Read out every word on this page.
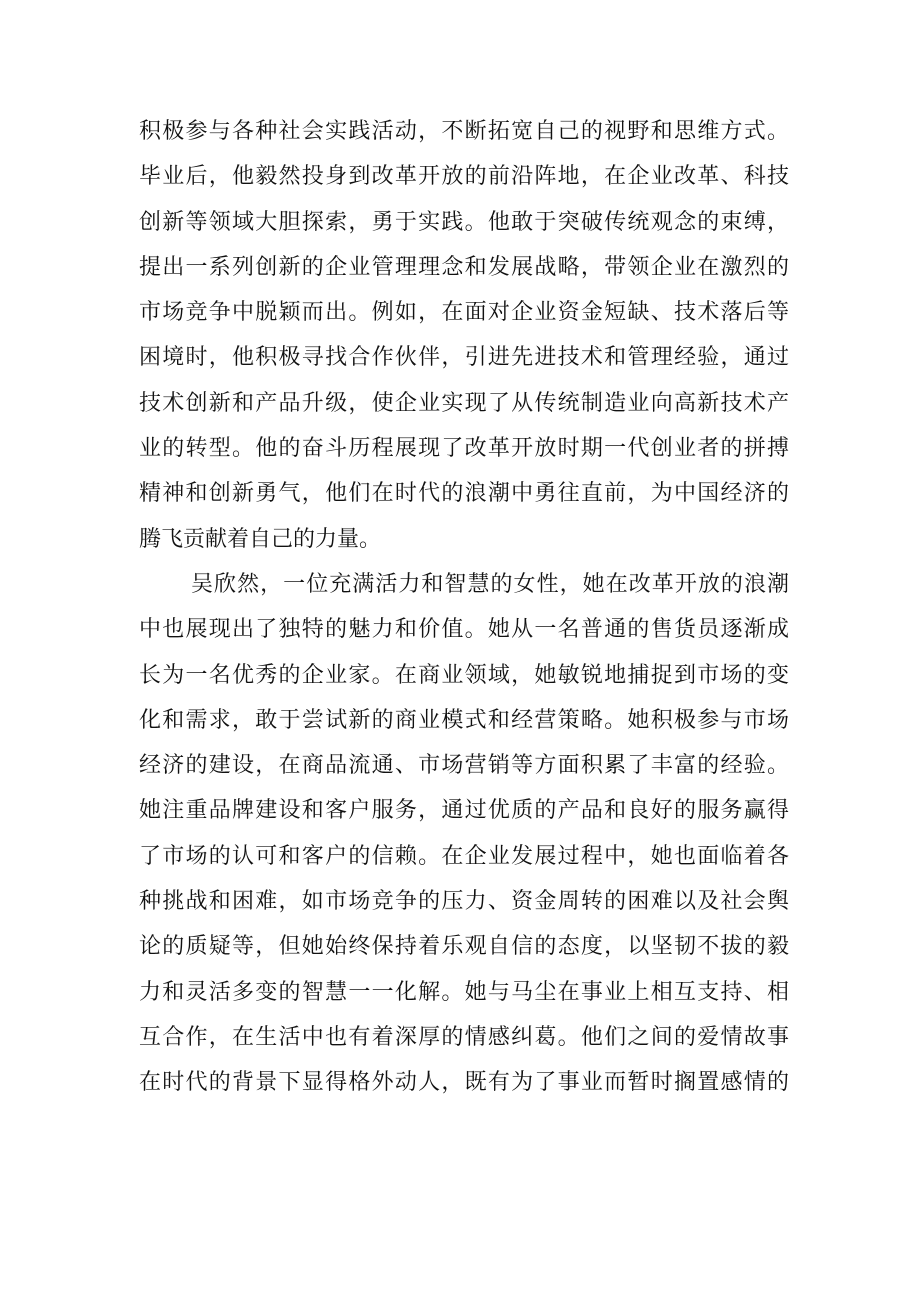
积极参与各种社会实践活动，不断拓宽自己的视野和思维方式。
毕业后，他毅然投身到改革开放的前沿阵地，在企业改革、科技
创新等领域大胆探索，勇于实践。他敢于突破传统观念的束缚，
提出一系列创新的企业管理理念和发展战略，带领企业在激烈的
市场竞争中脱颖而出。例如，在面对企业资金短缺、技术落后等
困境时，他积极寻找合作伙伴，引进先进技术和管理经验，通过
技术创新和产品升级，使企业实现了从传统制造业向高新技术产
业的转型。他的奋斗历程展现了改革开放时期一代创业者的拼搏
精神和创新勇气，他们在时代的浪潮中勇往直前，为中国经济的
腾飞贡献着自己的力量。
吴欣然，一位充满活力和智慧的女性，她在改革开放的浪潮
中也展现出了独特的魅力和价值。她从一名普通的售货员逐渐成
长为一名优秀的企业家。在商业领域，她敏锐地捕捉到市场的变
化和需求，敢于尝试新的商业模式和经营策略。她积极参与市场
经济的建设，在商品流通、市场营销等方面积累了丰富的经验。
她注重品牌建设和客户服务，通过优质的产品和良好的服务赢得
了市场的认可和客户的信赖。在企业发展过程中，她也面临着各
种挑战和困难，如市场竞争的压力、资金周转的困难以及社会舆
论的质疑等，但她始终保持着乐观自信的态度，以坚韧不拔的毅
力和灵活多变的智慧一一化解。她与马尘在事业上相互支持、相
互合作，在生活中也有着深厚的情感纠葛。他们之间的爱情故事
在时代的背景下显得格外动人，既有为了事业而暂时搁置感情的
